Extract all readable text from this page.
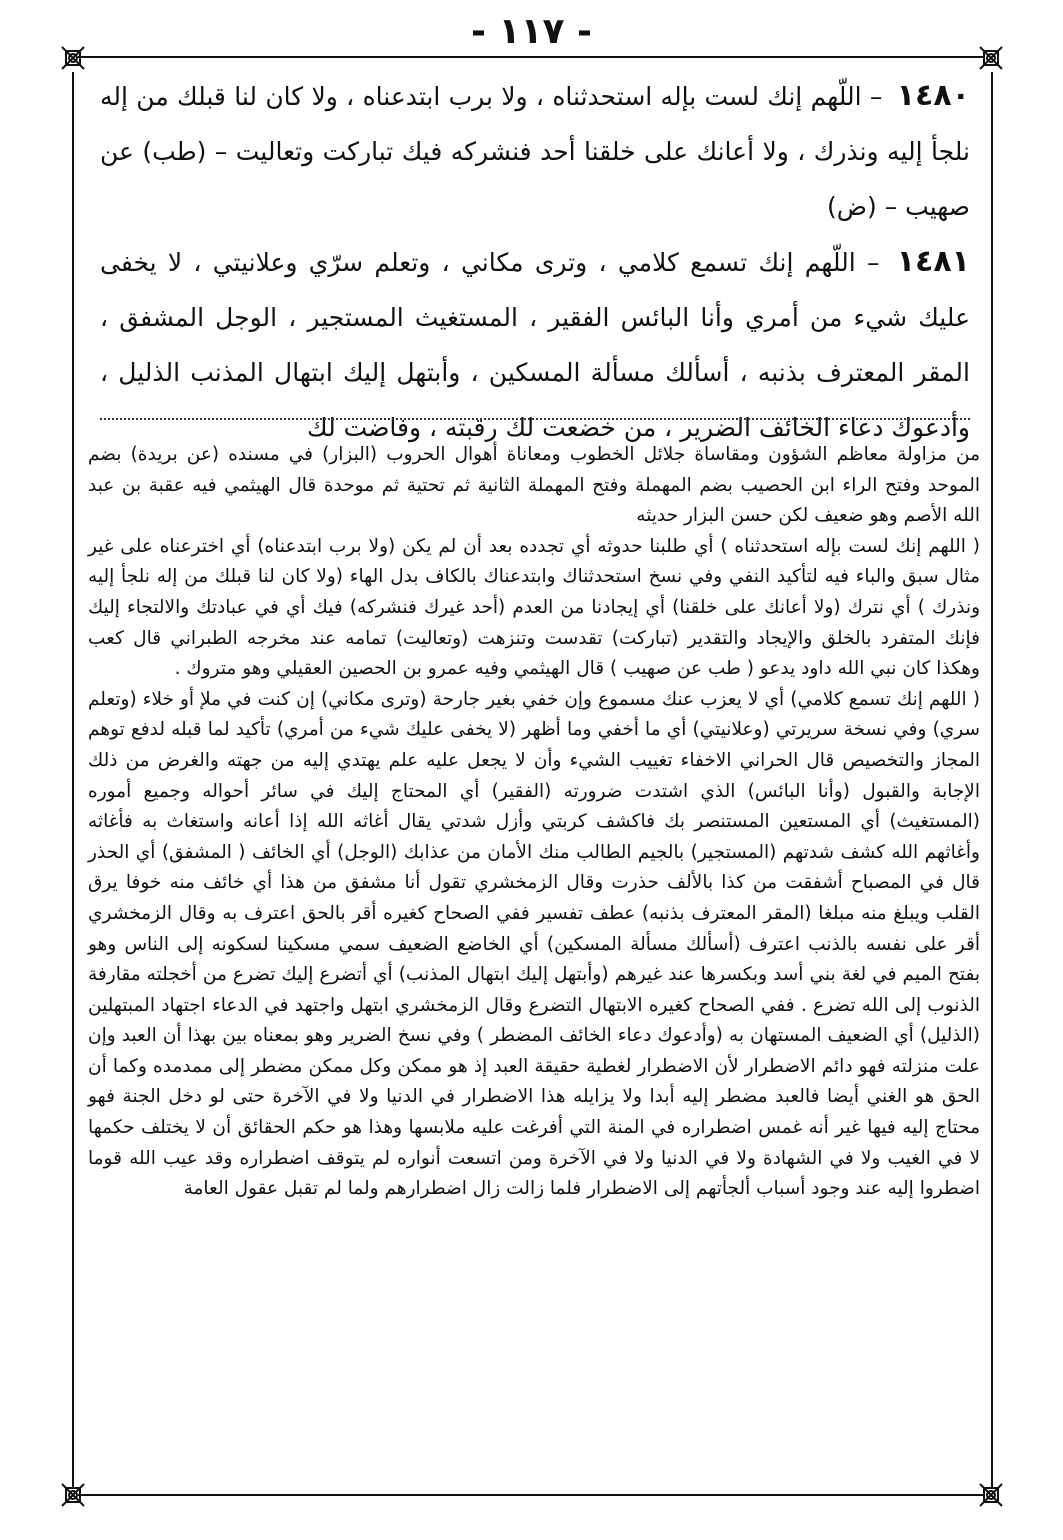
- ١١٧ -

١٤٨٠ – اللّهم إنك لست بإله استحدثناه ، ولا برب ابتدعناه ، ولا كان لنا قبلك من إله نلجأ إليه ونذرك ، ولا أعانك على خلقنا أحد فنشركه فيك تباركت وتعاليت – (طب) عن صهيب – (ض)

١٤٨١ – اللّهم إنك تسمع كلامي ، وترى مكاني ، وتعلم سرّي وعلانيتي ، لا يخفى عليك شيء من أمري وأنا البائس الفقير ، المستغيث المستجير ، الوجل المشفق ، المقر المعترف بذنبه ، أسألك مسألة المسكين ، وأبتهل إليك ابتهال المذنب الذليل ، وأدعوك دعاء الخائف الضرير ، من خضعت لك رقبته ، وفاضت لك

من مزاولة معاظم الشؤون ومقاساة جلائل الخطوب ومعاناة أهوال الحروب (البزار) في مسنده (عن بريدة) بضم الموحد وفتح الراء ابن الحصيب بضم المهملة وفتح المهملة الثانية ثم تحتية ثم موحدة قال الهيثمي فيه عقبة بن عبد الله الأصم وهو ضعيف لكن حسن البزار حديثه

( اللهم إنك لست بإله استحدثناه ) أي طلبنا حدوثه أي تجدده بعد أن لم يكن (ولا برب ابتدعناه) أي اخترعناه على غير مثال سبق والباء فيه لتأكيد النفي وفي نسخ استحدثناك وابتدعناك بالكاف بدل الهاء (ولا كان لنا قبلك من إله نلجأ إليه ونذرك ) أي نترك (ولا أعانك على خلقنا) أي إيجادنا من العدم (أحد غيرك فنشركه) فيك أي في عبادتك والالتجاء إليك فإنك المتفرد بالخلق والإيجاد والتقدير (تباركت) تقدست وتنزهت (وتعاليت) تمامه عند مخرجه الطبراني قال كعب وهكذا كان نبي الله داود يدعو ( طب عن صهيب ) قال الهيثمي وفيه عمرو بن الحصين العقيلي وهو متروك .

( اللهم إنك تسمع كلامي) أي لا يعزب عنك مسموع وإن خفي بغير جارحة (وترى مكاني) إن كنت في ملإ أو خلاء (وتعلم سري) وفي نسخة سريرتي (وعلانيتي) أي ما أخفي وما أظهر (لا يخفى عليك شيء من أمري) تأكيد لما قبله لدفع توهم المجاز والتخصيص قال الحراني الاخفاء تغييب الشيء وأن لا يجعل عليه علم يهتدي إليه من جهته والغرض من ذلك الإجابة والقبول (وأنا البائس) الذي اشتدت ضرورته (الفقير) أي المحتاج إليك في سائر أحواله وجميع أموره (المستغيث) أي المستعين المستنصر بك فاكشف كربتي وأزل شدتي يقال أغاثه الله إذا أعانه واستغاث به فأغاثه وأغاثهم الله كشف شدتهم (المستجير) بالجيم الطالب منك الأمان من عذابك (الوجل) أي الخائف ( المشفق) أي الحذر قال في المصباح أشفقت من كذا بالألف حذرت وقال الزمخشري تقول أنا مشفق من هذا أي خائف منه خوفا يرق القلب ويبلغ منه مبلغا (المقر المعترف بذنبه) عطف تفسير ففي الصحاح كغيره أقر بالحق اعترف به وقال الزمخشري أقر على نفسه بالذنب اعترف (أسألك مسألة المسكين) أي الخاضع الضعيف سمي مسكينا لسكونه إلى الناس وهو بفتح الميم في لغة بني أسد وبكسرها عند غيرهم (وأبتهل إليك ابتهال المذنب) أي أتضرع إليك تضرع من أخجلته مقارفة الذنوب إلى الله تضرع . ففي الصحاح كغيره الابتهال التضرع وقال الزمخشري ابتهل واجتهد في الدعاء اجتهاد المبتهلين (الذليل) أي الضعيف المستهان به (وأدعوك دعاء الخائف المضطر ) وفي نسخ الضرير وهو بمعناه بين بهذا أن العبد وإن علت منزلته فهو دائم الاضطرار لأن الاضطرار لغطية حقيقة العبد إذ هو ممكن وكل ممكن مضطر إلى ممدمده وكما أن الحق هو الغني أيضا فالعبد مضطر إليه أبدا ولا يزايله هذا الاضطرار في الدنيا ولا في الآخرة حتى لو دخل الجنة فهو محتاج إليه فيها غير أنه غمس اضطراره في المنة التي أفرغت عليه ملابسها وهذا هو حكم الحقائق أن لا يختلف حكمها لا في الغيب ولا في الشهادة ولا في الدنيا ولا في الآخرة ومن اتسعت أنواره لم يتوقف اضطراره وقد عيب الله قوما اضطروا إليه عند وجود أسباب ألجأتهم إلى الاضطرار فلما زالت زال اضطرارهم ولما لم تقبل عقول العامة
